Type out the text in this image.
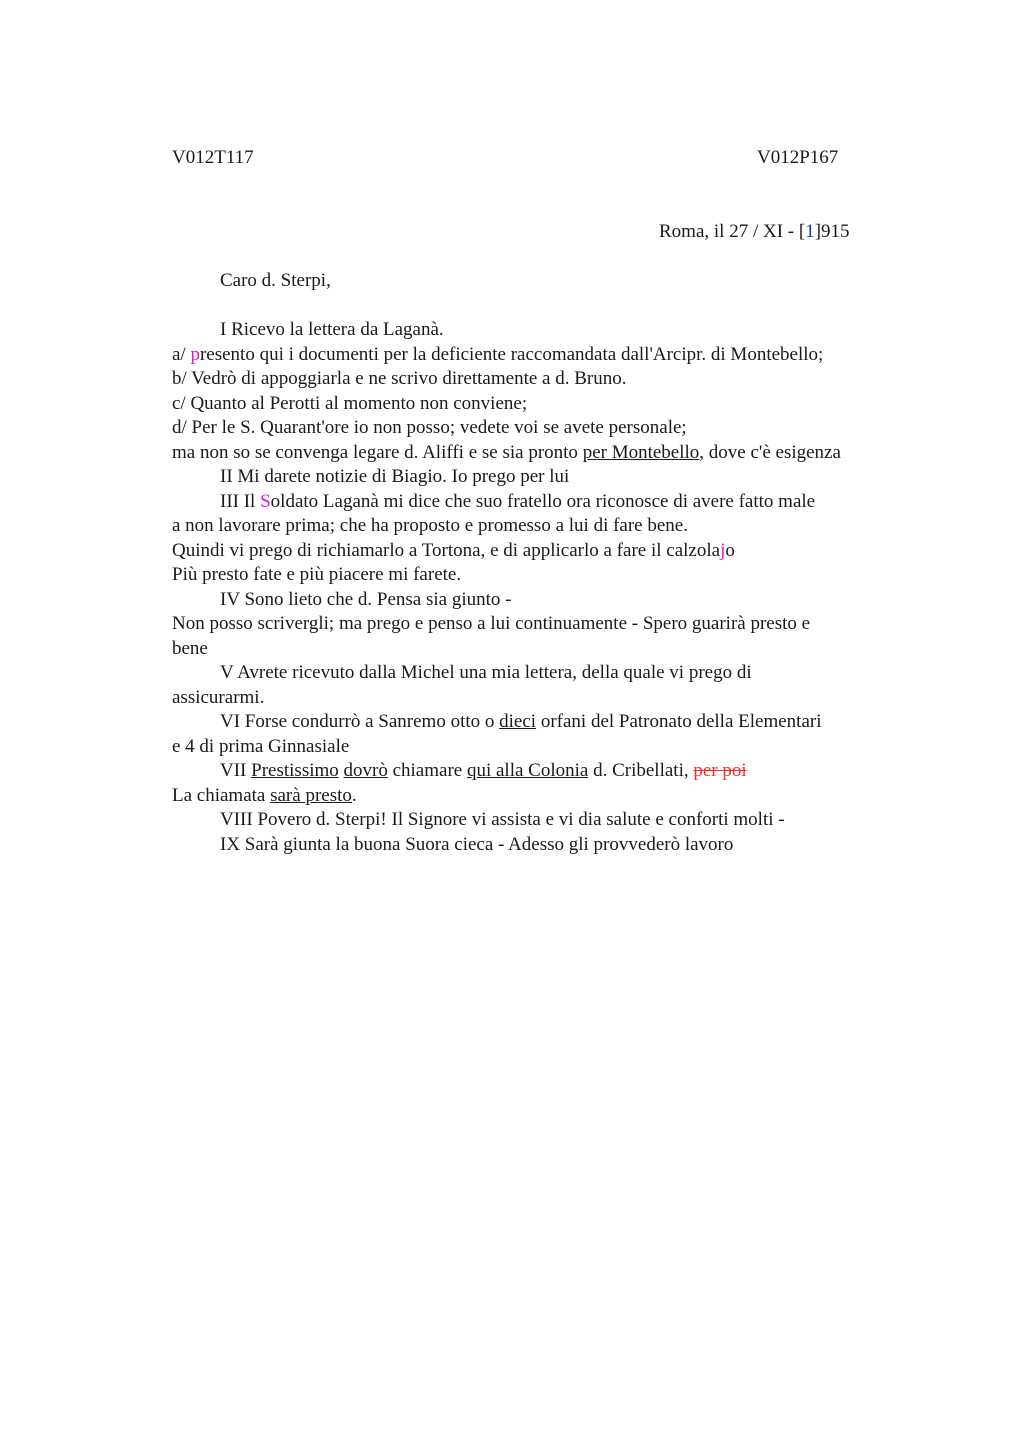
V012T117	V012P167
Roma, il 27 / XI - [1]915
Caro d. Sterpi,
I Ricevo la lettera da Laganà.
a/ presento qui i documenti per la deficiente raccomandata dall'Arcipr. di Montebello;
b/ Vedrò di appoggiarla e ne scrivo direttamente a d. Bruno.
c/ Quanto al Perotti al momento non conviene;
d/ Per le S. Quarant'ore io non posso; vedete voi se avete personale;
ma non so se convenga legare d. Aliffi e se sia pronto per Montebello, dove c'è esigenza
II Mi darete notizie di Biagio. Io prego per lui
III Il Soldato Laganà mi dice che suo fratello ora riconosce di avere fatto male
a non lavorare prima; che ha proposto e promesso a lui di fare bene.
Quindi vi prego di richiamarlo a Tortona, e di applicarlo a fare il calzolajo
Più presto fate e più piacere mi farete.
IV Sono lieto che d. Pensa sia giunto -
Non posso scrivergli; ma prego e penso a lui continuamente - Spero guarirà presto e
bene
V Avrete ricevuto dalla Michel una mia lettera, della quale vi prego di
assicurarmi.
VI Forse condurrò a Sanremo otto o dieci orfani del Patronato della Elementari
e 4 di prima Ginnasiale
VII Prestissimo dovrò chiamare qui alla Colonia d. Cribellati, per poi
La chiamata sarà presto.
VIII Povero d. Sterpi! Il Signore vi assista e vi dia salute e conforti molti -
IX Sarà giunta la buona Suora cieca - Adesso gli provvederò lavoro
